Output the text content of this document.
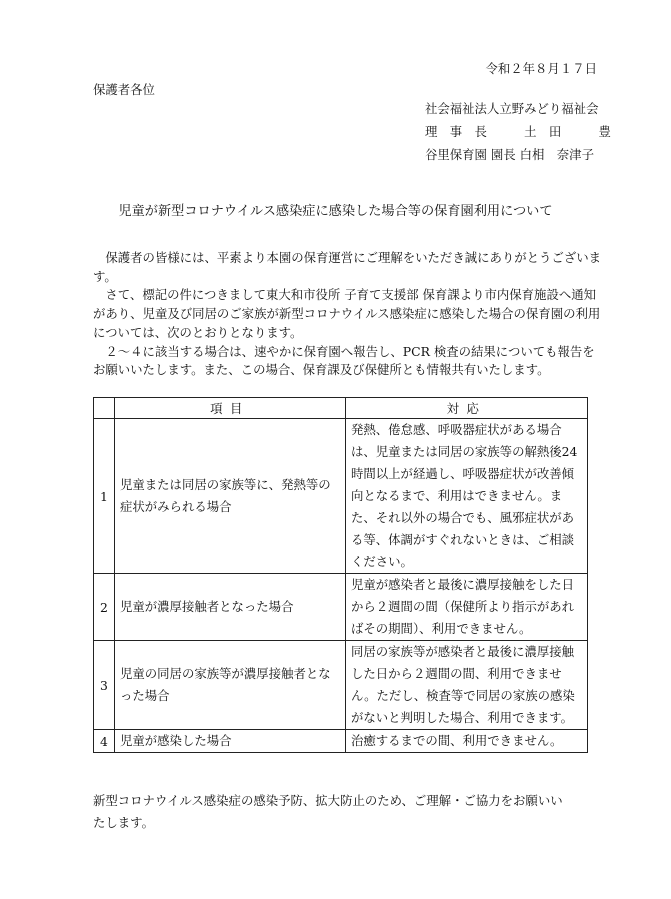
令和２年８月１７日
保護者各位
社会福祉法人立野みどり福祉会
理　事　長　　　土　田　　　豊
谷里保育園 園長 白相　奈津子
児童が新型コロナウイルス感染症に感染した場合等の保育園利用について

保護者の皆様には、平素より本園の保育運営にご理解をいただき誠にありがとうございます。

さて、標記の件につきまして東大和市役所 子育て支援部 保育課より市内保育施設へ通知があり、児童及び同居のご家族が新型コロナウイルス感染症に感染した場合の保育園の利用については、次のとおりとなります。

２～４に該当する場合は、速やかに保育園へ報告し、PCR 検査の結果についても報告をお願いいたします。また、この場合、保育課及び保健所とも情報共有いたします。

	項目	対応
1	児童または同居の家族等に、発熱等の症状がみられる場合	発熱、倦怠感、呼吸器症状がある場合は、児童または同居の家族等の解熱後24時間以上が経過し、呼吸器症状が改善傾向となるまで、利用はできません。また、それ以外の場合でも、風邪症状がある等、体調がすぐれないときは、ご相談ください。
2	児童が濃厚接触者となった場合	児童が感染者と最後に濃厚接触をした日から２週間の間（保健所より指示があればその期間）、利用できません。
3	児童の同居の家族等が濃厚接触者となった場合	同居の家族等が感染者と最後に濃厚接触した日から２週間の間、利用できません。ただし、検査等で同居の家族の感染がないと判明した場合、利用できます。
4	児童が感染した場合	治癒するまでの間、利用できません。
新型コロナウイルス感染症の感染予防、拡大防止のため、ご理解・ご協力をお願いいたします。
